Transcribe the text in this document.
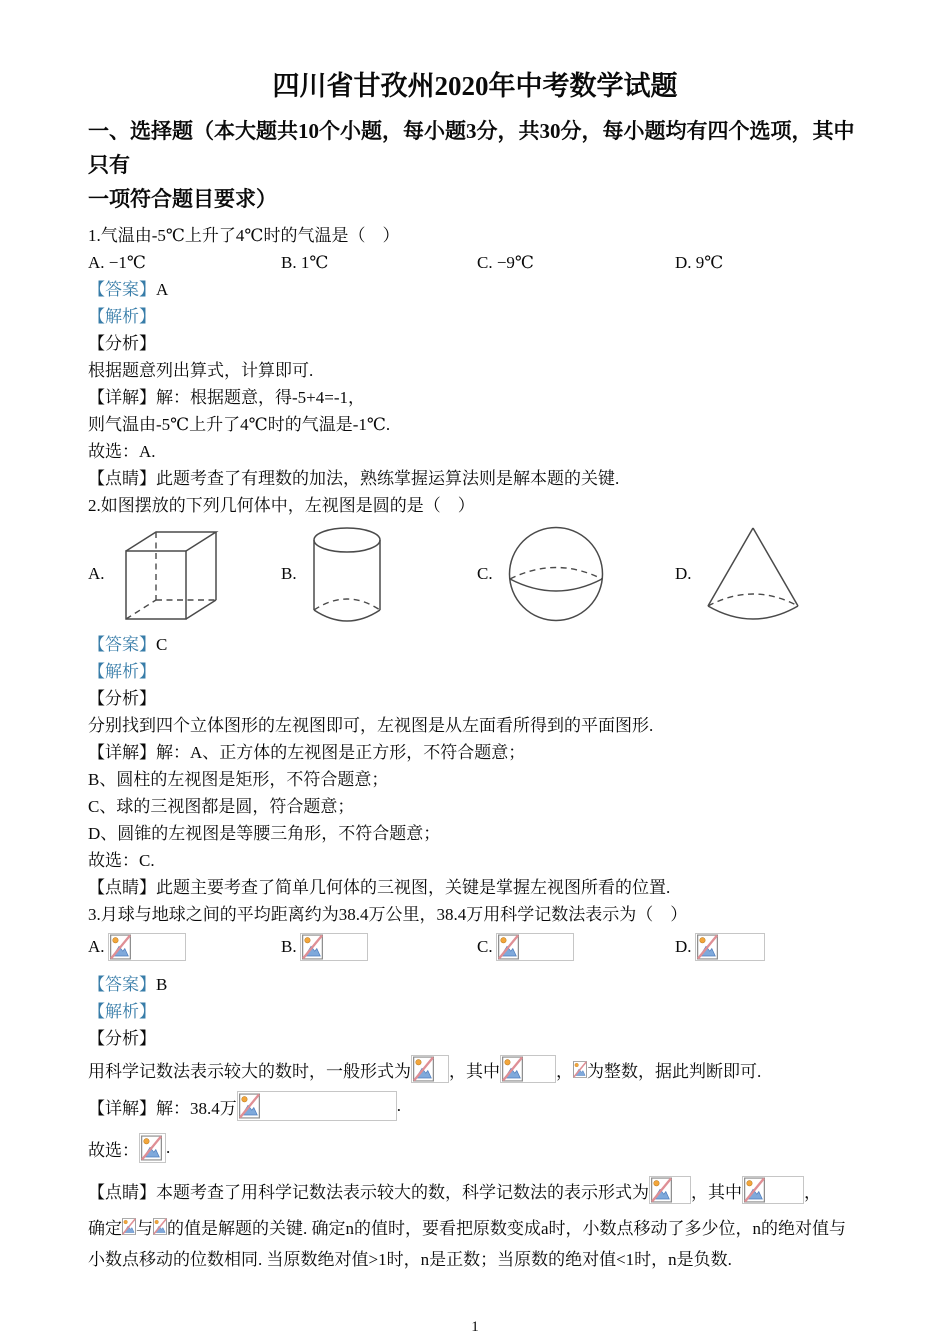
四川省甘孜州2020年中考数学试题

一、选择题（本大题共10个小题，每小题3分，共30分，每小题均有四个选项，其中只有

一项符合题目要求）

1.气温由-5℃上升了4℃时的气温是（　）

A. −1℃	B. 1℃	C. −9℃	D. 9℃

【答案】A

【解析】

【分析】

根据题意列出算式，计算即可.

【详解】解：根据题意，得-5+4=-1，

则气温由-5℃上升了4℃时的气温是-1℃.

故选：A.

【点睛】此题考查了有理数的加法，熟练掌握运算法则是解本题的关键.

2.如图摆放的下列几何体中，左视图是圆的是（　）

A.	B.	C.	D.

【答案】C

【解析】

【分析】

分别找到四个立体图形的左视图即可，左视图是从左面看所得到的平面图形.

【详解】解：A、正方体的左视图是正方形，不符合题意；

B、圆柱的左视图是矩形，不符合题意；

C、球的三视图都是圆，符合题意；

D、圆锥的左视图是等腰三角形，不符合题意；

故选：C.

【点睛】此题主要考查了简单几何体的三视图，关键是掌握左视图所看的位置.

3.月球与地球之间的平均距离约为38.4万公里，38.4万用科学记数法表示为（　）

A.	B.	C.	D.

【答案】B

【解析】

【分析】

用科学记数法表示较大的数时，一般形式为 ，其中	， 为整数，据此判断即可.
【详解】解：38.4万	.
故选： .
【点睛】本题考查了用科学记数法表示较大的数，科学记数法的表示形式为 ，其中	，
确定 与 的值是解题的关键. 确定n的值时，要看把原数变成a时，小数点移动了多少位，n的绝对值与
小数点移动的位数相同. 当原数绝对值>1时，n是正数；当原数的绝对值<1时，n是负数.
1
